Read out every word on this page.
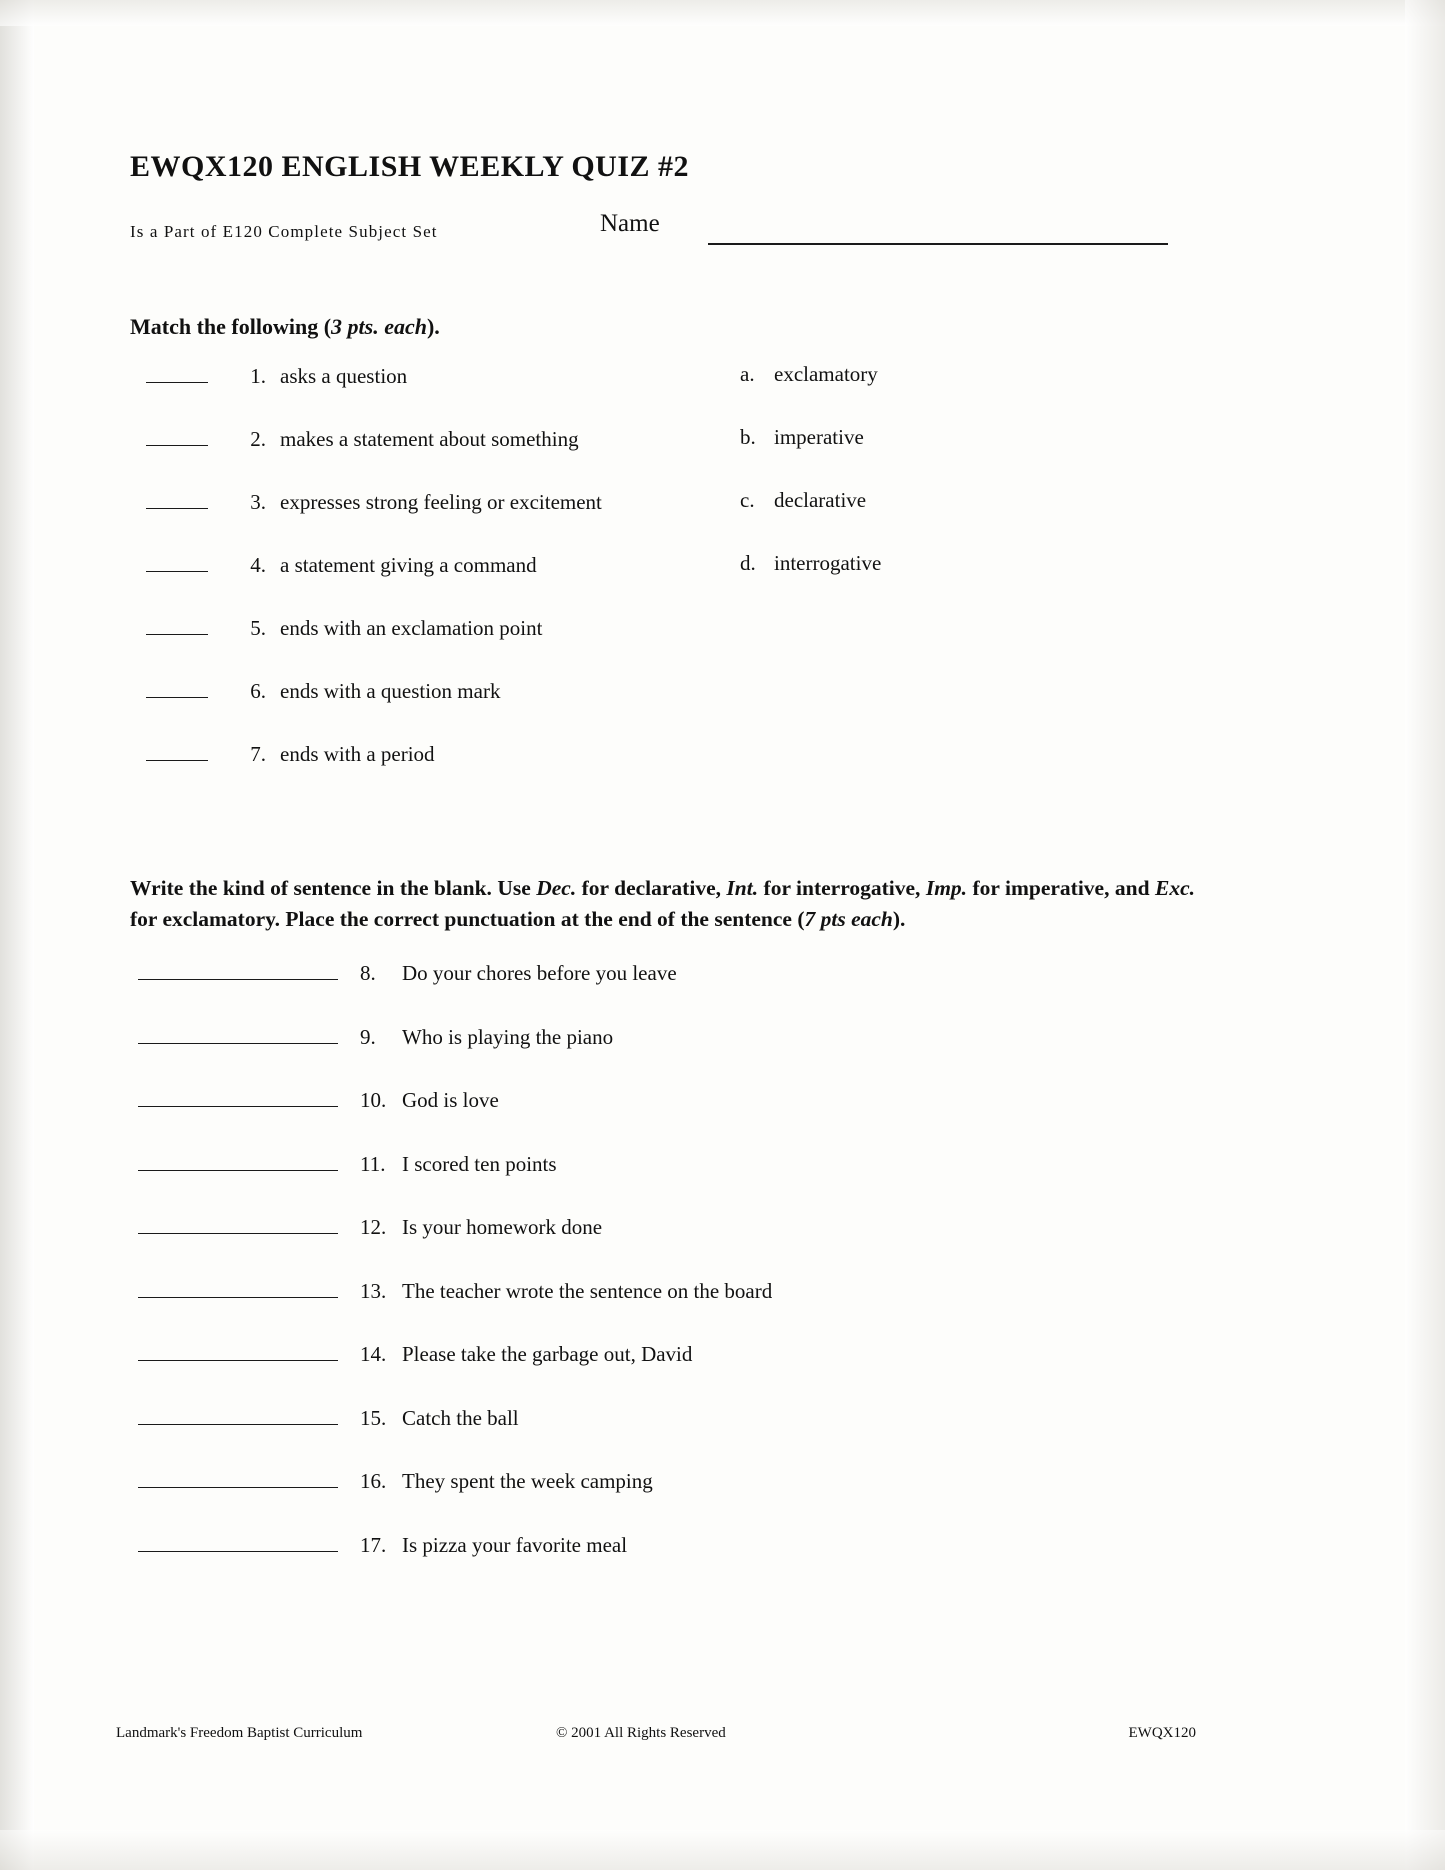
EWQX120 ENGLISH WEEKLY QUIZ #2
Is a Part of E120 Complete Subject Set	Name
Match the following (3 pts. each).
1. asks a question
2. makes a statement about something
3. expresses strong feeling or excitement
4. a statement giving a command
5. ends with an exclamation point
6. ends with a question mark
7. ends with a period
a. exclamatory
b. imperative
c. declarative
d. interrogative
Write the kind of sentence in the blank. Use Dec. for declarative, Int. for interrogative, Imp. for imperative, and Exc. for exclamatory. Place the correct punctuation at the end of the sentence (7 pts each).
8.	Do your chores before you leave
9.	Who is playing the piano
10. God is love
11. I scored ten points
12. Is your homework done
13. The teacher wrote the sentence on the board
14. Please take the garbage out, David
15. Catch the ball
16. They spent the week camping
17. Is pizza your favorite meal
Landmark's Freedom Baptist Curriculum	© 2001 All Rights Reserved	EWQX120
